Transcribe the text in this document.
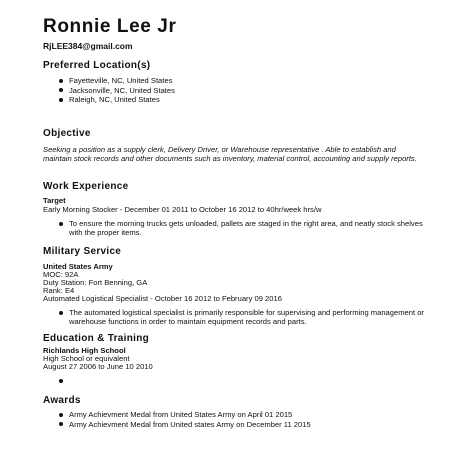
Ronnie Lee Jr
RjLEE384@gmail.com
Preferred Location(s)
Fayetteville, NC, United States
Jacksonville, NC, United States
Raleigh, NC, United States
Objective
Seeking a position as a supply clerk, Delivery Driver, or Warehouse representative . Able to establish and maintain stock records and other documents such as inventory, material control, accounting and supply reports.
Work Experience
Target
Early Morning Stocker - December 01 2011 to October 16 2012 to 40hr/week hrs/w
To ensure the morning trucks gets unloaded, pallets are staged in the right area, and neatly stock shelves with the proper items.
Military Service
United States Army
MOC: 92A
Duty Station: Fort Benning, GA
Rank: E4
Automated Logistical Specialist - October 16 2012 to February 09 2016
The automated logistical specialist is primarily responsible for supervising and performing management or warehouse functions in order to maintain equipment records and parts.
Education & Training
Richlands High School
High School or equivalent
August 27 2006 to June 10 2010
Awards
Army Achievment Medal from United States Army on April 01 2015
Army Achievment Medal from United states Army on December 11 2015
